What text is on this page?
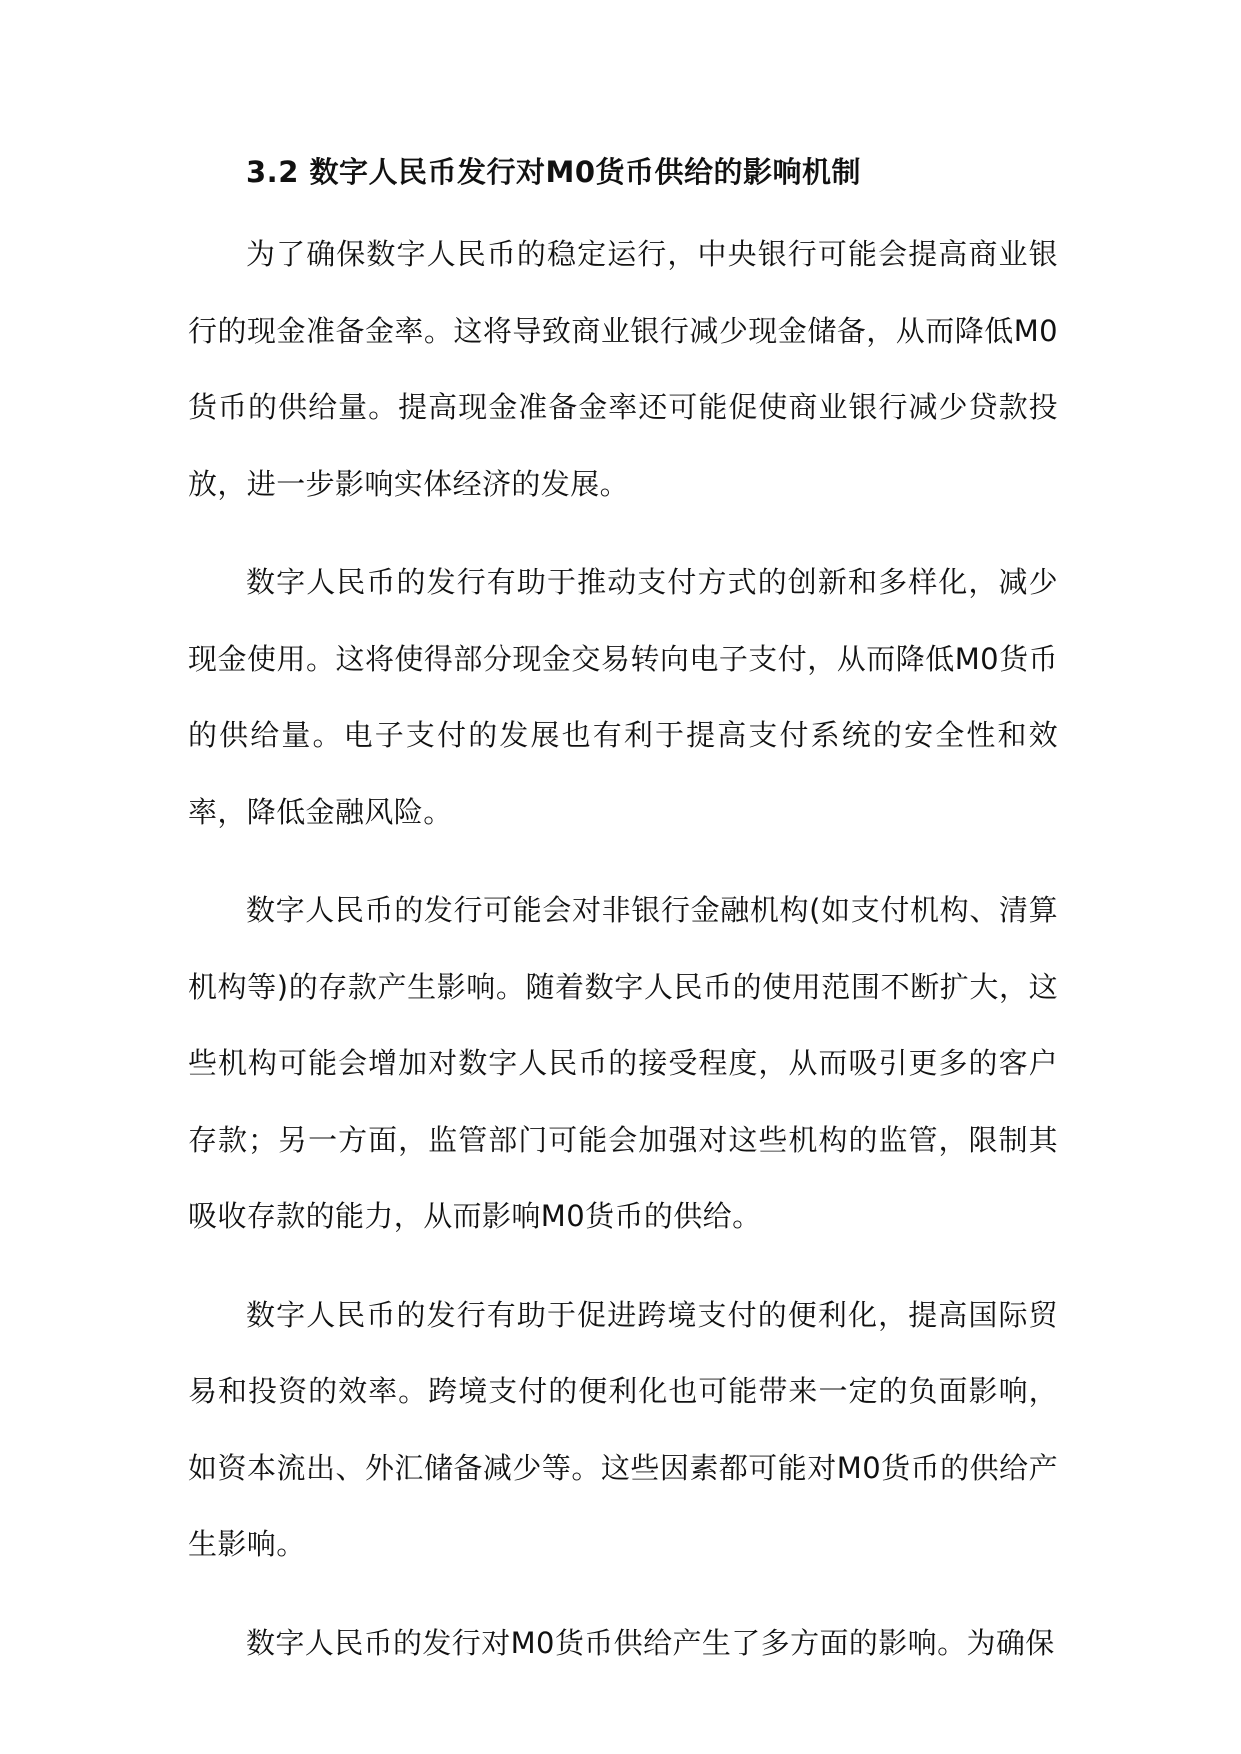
3.2 数字人民币发行对M0货币供给的影响机制

为了确保数字人民币的稳定运行，中央银行可能会提高商业银行的现金准备金率。这将导致商业银行减少现金储备，从而降低M0货币的供给量。提高现金准备金率还可能促使商业银行减少贷款投放，进一步影响实体经济的发展。

数字人民币的发行有助于推动支付方式的创新和多样化，减少现金使用。这将使得部分现金交易转向电子支付，从而降低M0货币的供给量。电子支付的发展也有利于提高支付系统的安全性和效率，降低金融风险。

数字人民币的发行可能会对非银行金融机构(如支付机构、清算机构等)的存款产生影响。随着数字人民币的使用范围不断扩大，这些机构可能会增加对数字人民币的接受程度，从而吸引更多的客户存款；另一方面，监管部门可能会加强对这些机构的监管，限制其吸收存款的能力，从而影响M0货币的供给。

数字人民币的发行有助于促进跨境支付的便利化，提高国际贸易和投资的效率。跨境支付的便利化也可能带来一定的负面影响，如资本流出、外汇储备减少等。这些因素都可能对M0货币的供给产生影响。

数字人民币的发行对M0货币供给产生了多方面的影响。为确保
